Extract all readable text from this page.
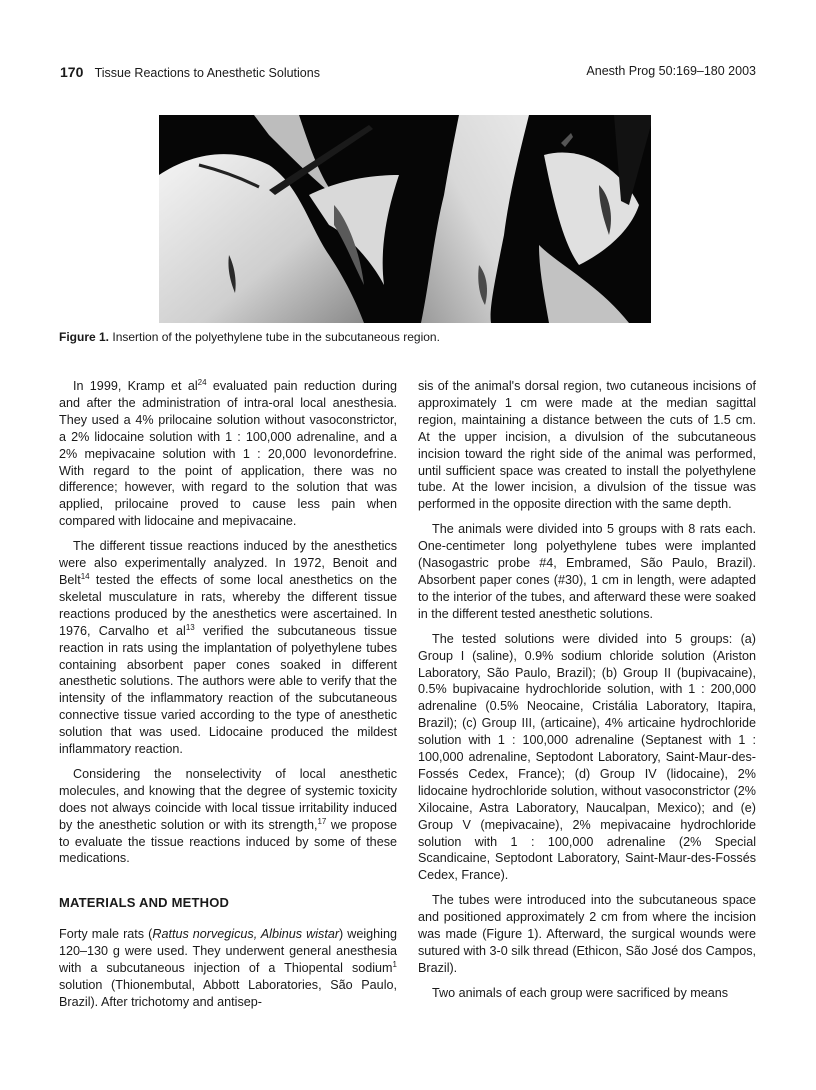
170 Tissue Reactions to Anesthetic Solutions	Anesth Prog 50:169–180 2003
Figure 1. Insertion of the polyethylene tube in the subcutaneous region.

In 1999, Kramp et $al^{24}$ evaluated pain reduction during and after the administration of intra-oral local anesthesia. They used a 4% prilocaine solution without vasoconstrictor, a 2% lidocaine solution with 1 : 100,000 adrenaline, and a 2% mepivacaine solution with 1 : 20,000 levonordefrine. With regard to the point of application, there was no difference; however, with regard to the solution that was applied, prilocaine proved to cause less pain when compared with lidocaine and mepivacaine.

The different tissue reactions induced by the anesthetics were also experimentally analyzed. In 1972, Benoit and Belt$^{14}$ tested the effects of some local anesthetics on the skeletal musculature in rats, whereby the different tissue reactions produced by the anesthetics were ascertained. In 1976, Carvalho et $al^{13}$ verified the subcutaneous tissue reaction in rats using the implantation of polyethylene tubes containing absorbent paper cones soaked in different anesthetic solutions. The authors were able to verify that the intensity of the inflammatory reaction of the subcutaneous connective tissue varied according to the type of anesthetic solution that was used. Lidocaine produced the mildest inflammatory reaction.

Considering the nonselectivity of local anesthetic molecules, and knowing that the degree of systemic toxicity does not always coincide with local tissue irritability induced by the anesthetic solution or with its strength,$^{17}$ we propose to evaluate the tissue reactions induced by some of these medications.

MATERIALS AND METHOD

Forty male rats (Rattus norvegicus, Albinus wistar) weighing 120–130 g were used. They underwent general anesthesia with a subcutaneous injection of a Thiopental sodium$^1$ solution (Thionembutal, Abbott Laboratories, São Paulo, Brazil). After trichotomy and antisep-

sis of the animal's dorsal region, two cutaneous incisions of approximately 1 cm were made at the median sagittal region, maintaining a distance between the cuts of 1.5 cm. At the upper incision, a divulsion of the subcutaneous incision toward the right side of the animal was performed, until sufficient space was created to install the polyethylene tube. At the lower incision, a divulsion of the tissue was performed in the opposite direction with the same depth.

The animals were divided into 5 groups with 8 rats each. One-centimeter long polyethylene tubes were implanted (Nasogastric probe #4, Embramed, São Paulo, Brazil). Absorbent paper cones (#30), 1 cm in length, were adapted to the interior of the tubes, and afterward these were soaked in the different tested anesthetic solutions.

The tested solutions were divided into 5 groups: (a) Group I (saline), 0.9% sodium chloride solution (Ariston Laboratory, São Paulo, Brazil); (b) Group II (bupivacaine), 0.5% bupivacaine hydrochloride solution, with 1 : 200,000 adrenaline (0.5% Neocaine, Cristália Laboratory, Itapira, Brazil); (c) Group III, (articaine), 4% articaine hydrochloride solution with 1 : 100,000 adrenaline (Septanest with 1 : 100,000 adrenaline, Septodont Laboratory, Saint-Maur-des-Fossés Cedex, France); (d) Group IV (lidocaine), 2% lidocaine hydrochloride solution, without vasoconstrictor (2% Xilocaine, Astra Laboratory, Naucalpan, Mexico); and (e) Group V (mepivacaine), 2% mepivacaine hydrochloride solution with 1 : 100,000 adrenaline (2% Special Scandicaine, Septodont Laboratory, Saint-Maur-des-Fossés Cedex, France).

The tubes were introduced into the subcutaneous space and positioned approximately 2 cm from where the incision was made (Figure 1). Afterward, the surgical wounds were sutured with 3-0 silk thread (Ethicon, São José dos Campos, Brazil).

Two animals of each group were sacrificed by means
